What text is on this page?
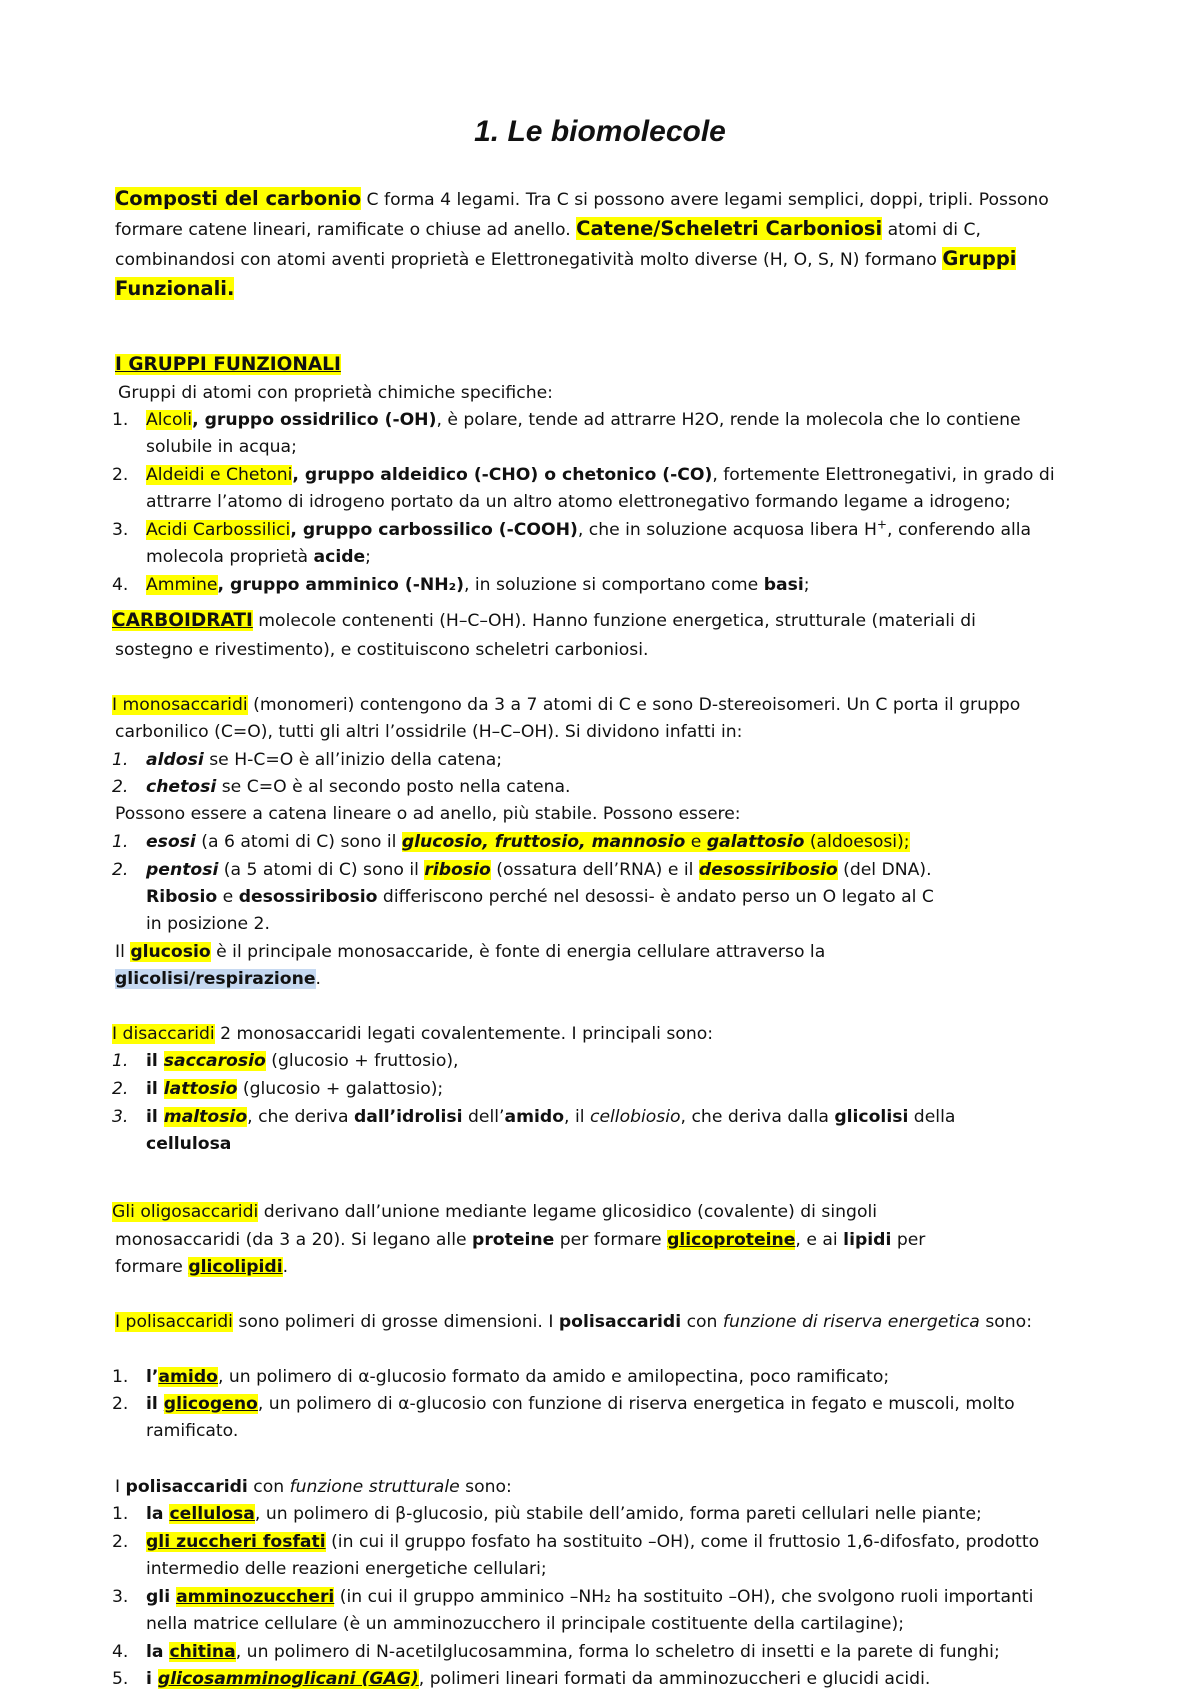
1. Le biomolecole
Composti del carbonio C forma 4 legami. Tra C si possono avere legami semplici, doppi, tripli. Possono
formare catene lineari, ramificate o chiuse ad anello. Catene/Scheletri Carboniosi atomi di C,
combinandosi con atomi aventi proprietà e Elettronegatività molto diverse (H, O, S, N) formano Gruppi
Funzionali.
I GRUPPI FUNZIONALI
Gruppi di atomi con proprietà chimiche specifiche:
1. Alcoli, gruppo ossidrilico (-OH), è polare, tende ad attrarre H2O, rende la molecola che lo contiene
solubile in acqua;
2. Aldeidi e Chetoni, gruppo aldeidico (-CHO) o chetonico (-CO), fortemente Elettronegativi, in grado di
attrarre l’atomo di idrogeno portato da un altro atomo elettronegativo formando legame a idrogeno;
3. Acidi Carbossilici, gruppo carbossilico (-COOH), che in soluzione acquosa libera H+, conferendo alla
molecola proprietà acide;
4. Ammine, gruppo amminico (-NH₂), in soluzione si comportano come basi;
CARBOIDRATI molecole contenenti (H–C–OH). Hanno funzione energetica, strutturale (materiali di
sostegno e rivestimento), e costituiscono scheletri carboniosi.
I monosaccaridi (monomeri) contengono da 3 a 7 atomi di C e sono D-stereoisomeri. Un C porta il gruppo
carbonilico (C=O), tutti gli altri l’ossidrile (H–C–OH). Si dividono infatti in:
1. aldosi se H-C=O è all’inizio della catena;
2. chetosi se C=O è al secondo posto nella catena.
Possono essere a catena lineare o ad anello, più stabile. Possono essere:
1. esosi (a 6 atomi di C) sono il glucosio, fruttosio, mannosio e galattosio (aldoesosi);
2. pentosi (a 5 atomi di C) sono il ribosio (ossatura dell’RNA) e il desossiribosio (del DNA).
Ribosio e desossiribosio differiscono perché nel desossi- è andato perso un O legato al C
in posizione 2.
Il glucosio è il principale monosaccaride, è fonte di energia cellulare attraverso la
glicolisi/respirazione.
I disaccaridi 2 monosaccaridi legati covalentemente. I principali sono:
1. il saccarosio (glucosio + fruttosio),
2. il lattosio (glucosio + galattosio);
3. il maltosio, che deriva dall’idrolisi dell’amido, il cellobiosio, che deriva dalla glicolisi della
cellulosa
Gli oligosaccaridi derivano dall’unione mediante legame glicosidico (covalente) di singoli
monosaccaridi (da 3 a 20). Si legano alle proteine per formare glicoproteine, e ai lipidi per
formare glicolipidi.
I polisaccaridi sono polimeri di grosse dimensioni. I polisaccaridi con funzione di riserva energetica sono:
1. l’amido, un polimero di α-glucosio formato da amido e amilopectina, poco ramificato;
2. il glicogeno, un polimero di α-glucosio con funzione di riserva energetica in fegato e muscoli, molto
ramificato.
I polisaccaridi con funzione strutturale sono:
1. la cellulosa, un polimero di β-glucosio, più stabile dell’amido, forma pareti cellulari nelle piante;
2. gli zuccheri fosfati (in cui il gruppo fosfato ha sostituito –OH), come il fruttosio 1,6-difosfato, prodotto
intermedio delle reazioni energetiche cellulari;
3. gli amminozuccheri (in cui il gruppo amminico –NH₂ ha sostituito –OH), che svolgono ruoli importanti
nella matrice cellulare (è un amminozucchero il principale costituente della cartilagine);
4. la chitina, un polimero di N-acetilglucosammina, forma lo scheletro di insetti e la parete di funghi;
5. i glicosamminoglicani (GAG), polimeri lineari formati da amminozuccheri e glucidi acidi.
